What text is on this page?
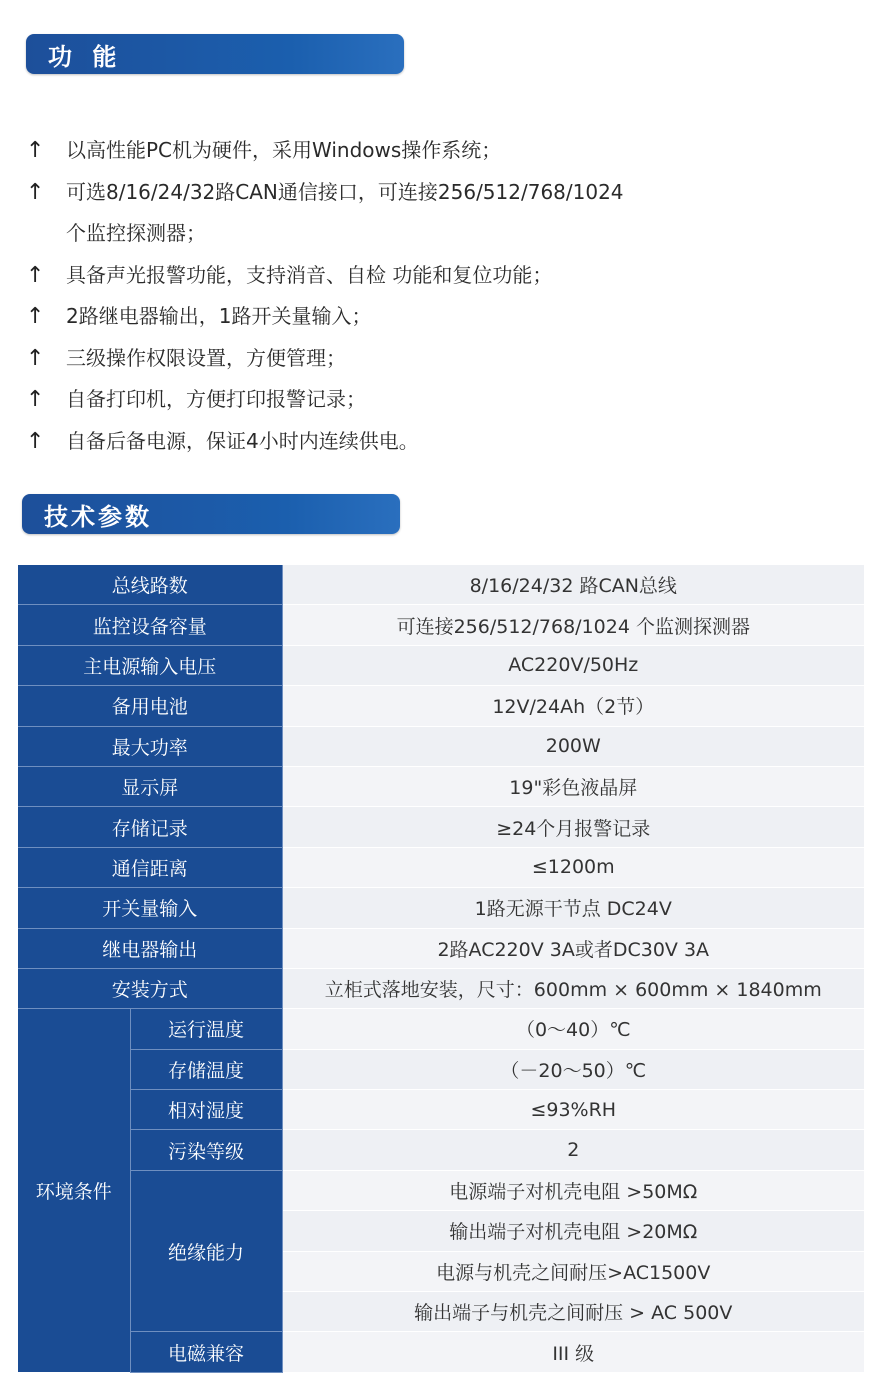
功 能
↑	以高性能PC机为硬件，采用Windows操作系统；
↑	可选8/16/24/32路CAN通信接口，可连接256/512/768/1024
个监控探测器；
↑	具备声光报警功能，支持消音、自检 功能和复位功能；
↑	2路继电器输出，1路开关量输入；
↑	三级操作权限设置，方便管理；
↑	自备打印机，方便打印报警记录；
↑	自备后备电源，保证4小时内连续供电。
技术参数
总线路数		8/16/24/32 路CAN总线
监控设备容量		可连接256/512/768/1024 个监测探测器
主电源输入电压		AC220V/50Hz
备用电池		12V/24Ah（2节）
最大功率		200W
显示屏		19"彩色液晶屏
存储记录		≥24个月报警记录
通信距离		≤1200m
开关量输入		1路无源干节点 DC24V
继电器输出		2路AC220V 3A或者DC30V 3A
安装方式		立柜式落地安装，尺寸：600mm × 600mm × 1840mm
环境条件	运行温度	（0～40）℃
	存储温度	（－20～50）℃
	相对湿度	≤93%RH
	污染等级	2
	绝缘能力	电源端子对机壳电阻 >50MΩ
		输出端子对机壳电阻 >20MΩ
		电源与机壳之间耐压>AC1500V
		输出端子与机壳之间耐压 > AC 500V
	电磁兼容	III 级
